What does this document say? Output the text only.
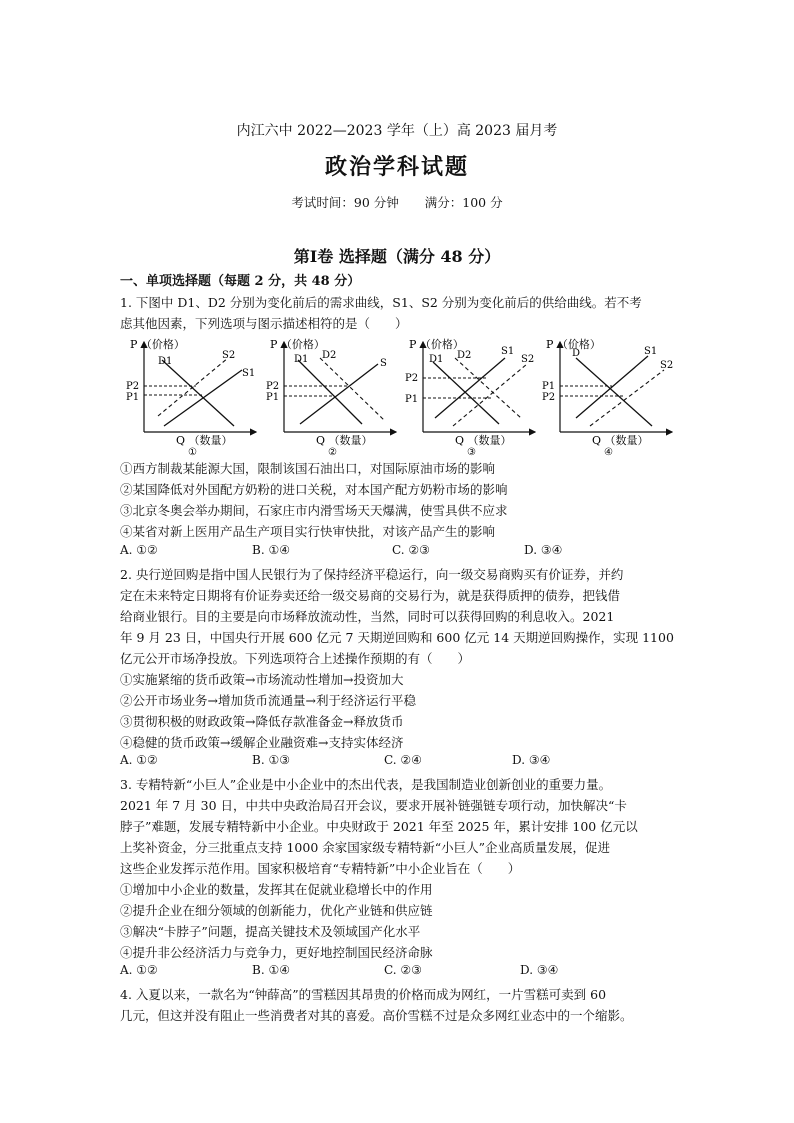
内江六中 2022—2023 学年（上）高 2023 届月考
政治学科试题
考试时间：90 分钟 满分：100 分
第Ⅰ卷 选择题（满分 48 分）
一、单项选择题（每题 2 分，共 48 分）
1. 下图中 D1、D2 分别为变化前后的需求曲线，S1、S2 分别为变化前后的供给曲线。若不考
虑其他因素，下列选项与图示描述相符的是（　　）
P （价格）
D1
S2
S1
P2
P1
Q （数量）
①
P （价格）
D1 D2
S
P2
P1
Q （数量）
②
P （价格）
D1 D2	S1
S2
P2
P1
Q （数量）
③
P （价格）
D	S1
S2
P1
P2
Q （数量）
④
①西方制裁某能源大国，限制该国石油出口，对国际原油市场的影响
②某国降低对外国配方奶粉的进口关税，对本国产配方奶粉市场的影响
③北京冬奥会举办期间，石家庄市内滑雪场天天爆满，使雪具供不应求
④某省对新上医用产品生产项目实行快审快批，对该产品产生的影响
A. ①②	B. ①④	C. ②③	D. ③④
2. 央行逆回购是指中国人民银行为了保持经济平稳运行，向一级交易商购买有价证券，并约
定在未来特定日期将有价证券卖还给一级交易商的交易行为，就是获得质押的债券，把钱借
给商业银行。目的主要是向市场释放流动性，当然，同时可以获得回购的利息收入。2021
年 9 月 23 日，中国央行开展 600 亿元 7 天期逆回购和 600 亿元 14 天期逆回购操作，实现 1100
亿元公开市场净投放。下列选项符合上述操作预期的有（　　）
①实施紧缩的货币政策→市场流动性增加→投资加大
②公开市场业务→增加货币流通量→利于经济运行平稳
③贯彻积极的财政政策→降低存款准备金→释放货币
④稳健的货币政策→缓解企业融资难→支持实体经济
A. ①②	B. ①③	C. ②④	D. ③④
3. 专精特新“小巨人”企业是中小企业中的杰出代表，是我国制造业创新创业的重要力量。
2021 年 7 月 30 日，中共中央政治局召开会议，要求开展补链强链专项行动，加快解决“卡
脖子”难题，发展专精特新中小企业。中央财政于 2021 年至 2025 年，累计安排 100 亿元以
上奖补资金，分三批重点支持 1000 余家国家级专精特新“小巨人”企业高质量发展，促进
这些企业发挥示范作用。国家积极培育“专精特新”中小企业旨在（　　）
①增加中小企业的数量，发挥其在促就业稳增长中的作用
②提升企业在细分领域的创新能力，优化产业链和供应链
③解决“卡脖子”问题，提高关键技术及领域国产化水平
④提升非公经济活力与竞争力，更好地控制国民经济命脉
A. ①②	B. ①④	C. ②③	D. ③④
4. 入夏以来，一款名为“钟薛高”的雪糕因其昂贵的价格而成为网红，一片雪糕可卖到 60
几元，但这并没有阻止一些消费者对其的喜爱。高价雪糕不过是众多网红业态中的一个缩影。
